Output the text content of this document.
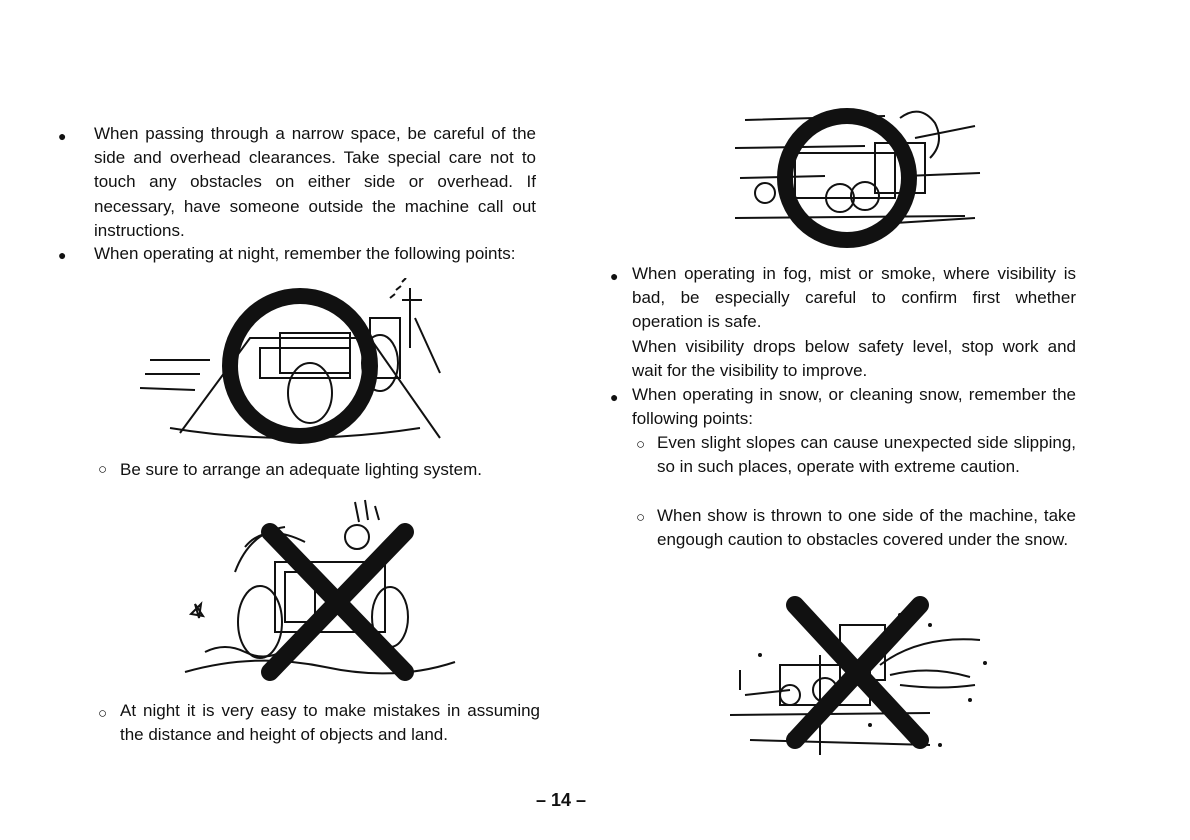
● When passing through a narrow space, be careful of the side and overhead clearances. Take special care not to touch any obstacles on either side or overhead. If necessary, have someone outside the machine call out instructions.

● When operating at night, remember the following points:

○ Be sure to arrange an adequate lighting system.

○ At night it is very easy to make mistakes in assuming the distance and height of objects and land.

● When operating in fog, mist or smoke, where visibility is bad, be especially careful to confirm first whether operation is safe.

When visibility drops below safety level, stop work and wait for the visibility to improve.

● When operating in snow, or cleaning snow, remember the following points:

○ Even slight slopes can cause unexpected side slipping, so in such places, operate with extreme caution.

○ When show is thrown to one side of the machine, take engough caution to obstacles covered under the snow.

– 14 –
